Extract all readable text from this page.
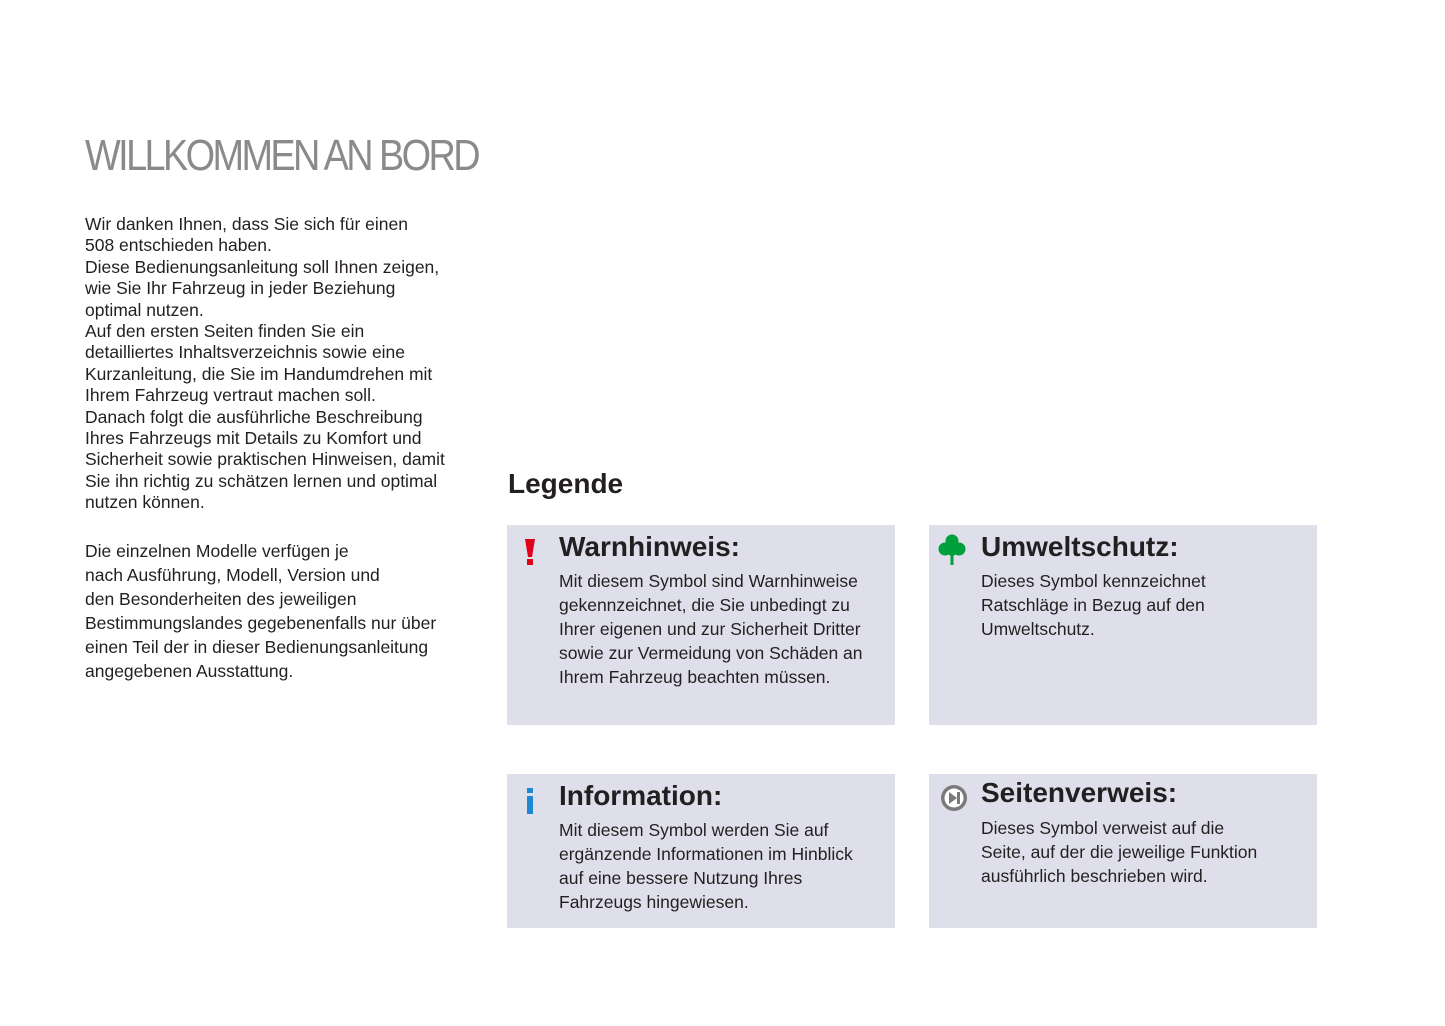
WILLKOMMEN AN BORD

Wir danken Ihnen, dass Sie sich für einen
508 entschieden haben.
Diese Bedienungsanleitung soll Ihnen zeigen,
wie Sie Ihr Fahrzeug in jeder Beziehung
optimal nutzen.
Auf den ersten Seiten finden Sie ein
detailliertes Inhaltsverzeichnis sowie eine
Kurzanleitung, die Sie im Handumdrehen mit
Ihrem Fahrzeug vertraut machen soll.
Danach folgt die ausführliche Beschreibung
Ihres Fahrzeugs mit Details zu Komfort und
Sicherheit sowie praktischen Hinweisen, damit
Sie ihn richtig zu schätzen lernen und optimal
nutzen können.

Die einzelnen Modelle verfügen je
nach Ausführung, Modell, Version und
den Besonderheiten des jeweiligen
Bestimmungslandes gegebenenfalls nur über
einen Teil der in dieser Bedienungsanleitung
angegebenen Ausstattung.
Legende
Warnhinweis:
Mit diesem Symbol sind Warnhinweise
gekennzeichnet, die Sie unbedingt zu
Ihrer eigenen und zur Sicherheit Dritter
sowie zur Vermeidung von Schäden an
Ihrem Fahrzeug beachten müssen.
Umweltschutz:
Dieses Symbol kennzeichnet
Ratschläge in Bezug auf den
Umweltschutz.
Information:
Mit diesem Symbol werden Sie auf
ergänzende Informationen im Hinblick
auf eine bessere Nutzung Ihres
Fahrzeugs hingewiesen.
Seitenverweis:
Dieses Symbol verweist auf die
Seite, auf der die jeweilige Funktion
ausführlich beschrieben wird.
